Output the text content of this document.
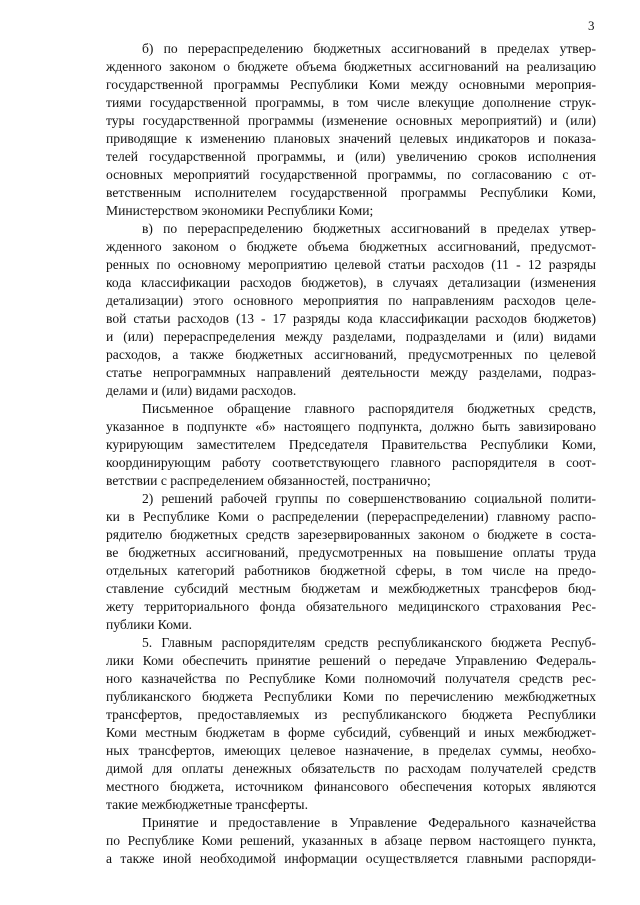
3

б) по перераспределению бюджетных ассигнований в пределах утвер-
жденного законом о бюджете объема бюджетных ассигнований на реализацию
государственной программы Республики Коми между основными мероприя-
тиями государственной программы, в том числе влекущие дополнение струк-
туры государственной программы (изменение основных мероприятий) и (или)
приводящие к изменению плановых значений целевых индикаторов и показа-
телей государственной программы, и (или) увеличению сроков исполнения
основных мероприятий государственной программы, по согласованию с от-
ветственным исполнителем государственной программы Республики Коми,
Министерством экономики Республики Коми;

в) по перераспределению бюджетных ассигнований в пределах утвер-
жденного законом о бюджете объема бюджетных ассигнований, предусмот-
ренных по основному мероприятию целевой статьи расходов (11 - 12 разряды
кода классификации расходов бюджетов), в случаях детализации (изменения
детализации) этого основного мероприятия по направлениям расходов целе-
вой статьи расходов (13 - 17 разряды кода классификации расходов бюджетов)
и (или) перераспределения между разделами, подразделами и (или) видами
расходов, а также бюджетных ассигнований, предусмотренных по целевой
статье непрограммных направлений деятельности между разделами, подраз-
делами и (или) видами расходов.

Письменное обращение главного распорядителя бюджетных средств,
указанное в подпункте «б» настоящего подпункта, должно быть завизировано
курирующим заместителем Председателя Правительства Республики Коми,
координирующим работу соответствующего главного распорядителя в соот-
ветствии с распределением обязанностей, постранично;

2) решений рабочей группы по совершенствованию социальной полити-
ки в Республике Коми о распределении (перераспределении) главному распо-
рядителю бюджетных средств зарезервированных законом о бюджете в соста-
ве бюджетных ассигнований, предусмотренных на повышение оплаты труда
отдельных категорий работников бюджетной сферы, в том числе на предо-
ставление субсидий местным бюджетам и межбюджетных трансферов бюд-
жету территориального фонда обязательного медицинского страхования Рес-
публики Коми.

5. Главным распорядителям средств республиканского бюджета Респуб-
лики Коми обеспечить принятие решений о передаче Управлению Федераль-
ного казначейства по Республике Коми полномочий получателя средств рес-
публиканского бюджета Республики Коми по перечислению межбюджетных
трансфертов, предоставляемых из республиканского бюджета Республики
Коми местным бюджетам в форме субсидий, субвенций и иных межбюджет-
ных трансфертов, имеющих целевое назначение, в пределах суммы, необхо-
димой для оплаты денежных обязательств по расходам получателей средств
местного бюджета, источником финансового обеспечения которых являются
такие межбюджетные трансферты.

Принятие и предоставление в Управление Федерального казначейства
по Республике Коми решений, указанных в абзаце первом настоящего пункта,
а также иной необходимой информации осуществляется главными распоряди-
